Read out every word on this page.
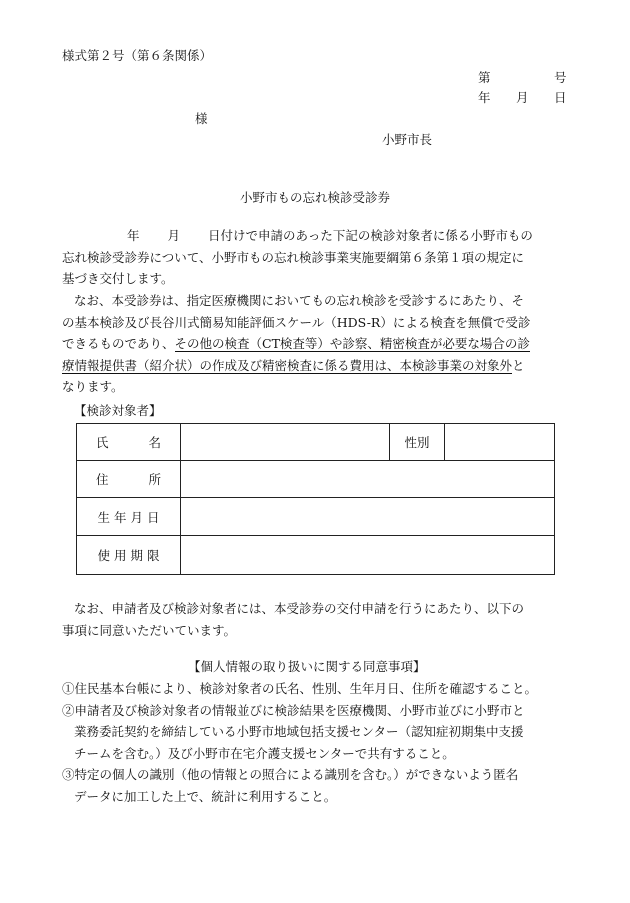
様式第２号（第６条関係）
第	号
年 月 日
様
小野市長
小野市もの忘れ検診受診券
年 月 日付けで申請のあった下記の検診対象者に係る小野市もの
忘れ検診受診券について、小野市もの忘れ検診事業実施要綱第６条第１項の規定に
基づき交付します。
なお、本受診券は、指定医療機関においてもの忘れ検診を受診するにあたり、そ
の基本検診及び長谷川式簡易知能評価スケール（HDS-R）による検査を無償で受診
できるものであり、その他の検査（CT検査等）や診察、精密検査が必要な場合の診
療情報提供書（紹介状）の作成及び精密検査に係る費用は、本検診事業の対象外と
なります。
【検診対象者】
氏 名		性別	
住 所			
生 年 月 日			
使 用 期 限			
なお、申請者及び検診対象者には、本受診券の交付申請を行うにあたり、以下の
事項に同意いただいています。
【個人情報の取り扱いに関する同意事項】
①住民基本台帳により、検診対象者の氏名、性別、生年月日、住所を確認すること。
②申請者及び検診対象者の情報並びに検診結果を医療機関、小野市並びに小野市と
業務委託契約を締結している小野市地域包括支援センター（認知症初期集中支援
チームを含む。）及び小野市在宅介護支援センターで共有すること。
③特定の個人の識別（他の情報との照合による識別を含む。）ができないよう匿名
データに加工した上で、統計に利用すること。
